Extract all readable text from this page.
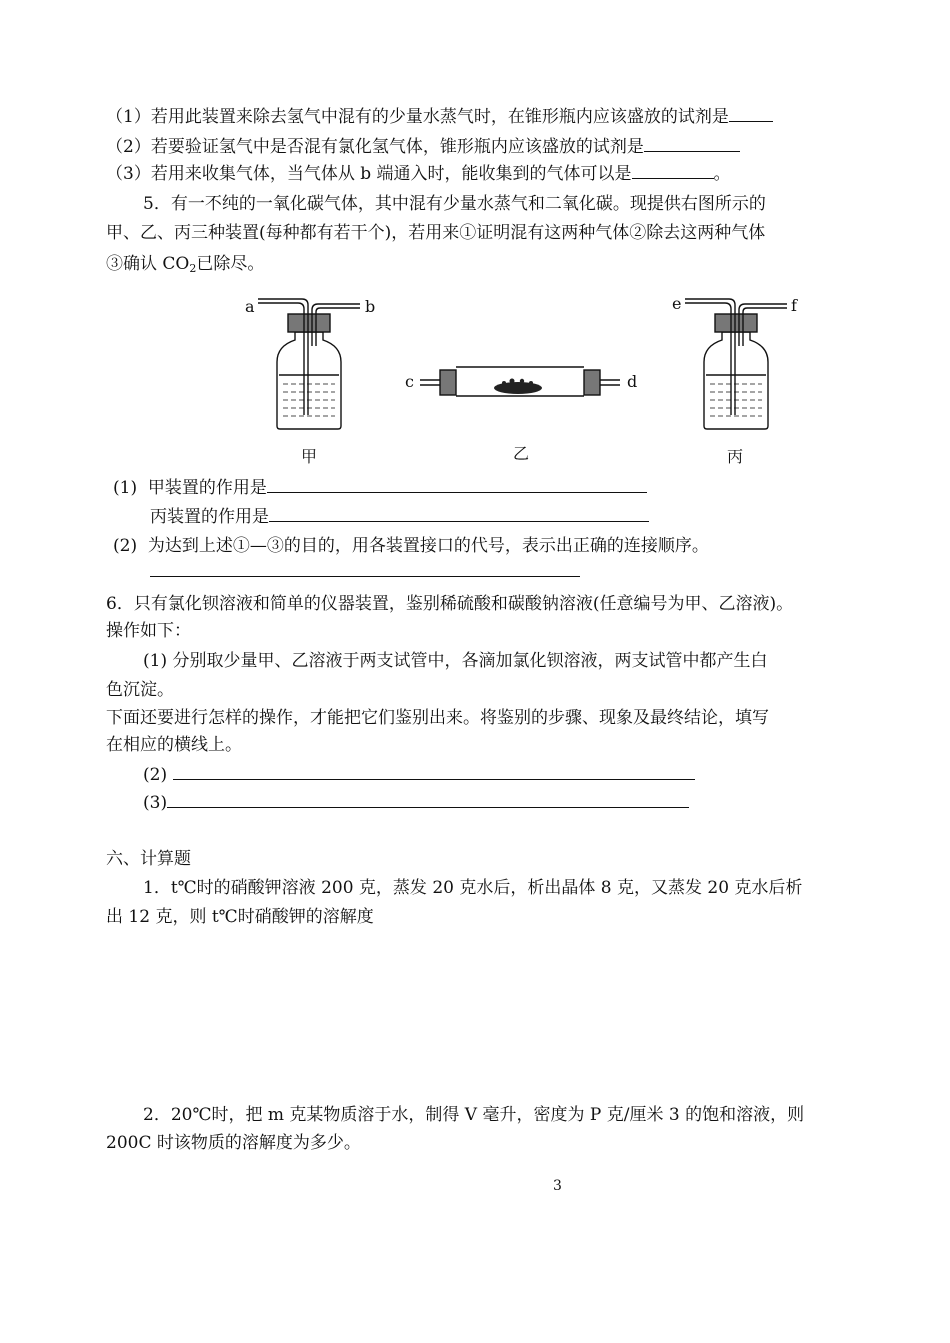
（1）若用此装置来除去氢气中混有的少量水蒸气时，在锥形瓶内应该盛放的试剂是
（2）若要验证氢气中是否混有氯化氢气体，锥形瓶内应该盛放的试剂是
（3）若用来收集气体，当气体从 b 端通入时，能收集到的气体可以是	。
5．有一不纯的一氧化碳气体，其中混有少量水蒸气和二氧化碳。现提供右图所示的
甲、乙、丙三种装置(每种都有若干个)，若用来①证明混有这两种气体②除去这两种气体
③确认 $CO_2$已除尽。
a	b
c	d
e	f
甲	乙	丙
(1) 甲装置的作用是
丙装置的作用是
(2) 为达到上述①—③的目的，用各装置接口的代号，表示出正确的连接顺序。
6．只有氯化钡溶液和简单的仪器装置，鉴别稀硫酸和碳酸钠溶液(任意编号为甲、乙溶液)。
操作如下：
(1) 分别取少量甲、乙溶液于两支试管中，各滴加氯化钡溶液，两支试管中都产生白
色沉淀。
下面还要进行怎样的操作，才能把它们鉴别出来。将鉴别的步骤、现象及最终结论，填写
在相应的横线上。
(2)
(3)
六、计算题
1．t℃时的硝酸钾溶液 200 克，蒸发 20 克水后，析出晶体 8 克，又蒸发 20 克水后析
出 12 克，则 t℃时硝酸钾的溶解度
2．20℃时，把 m 克某物质溶于水，制得 V 毫升，密度为 P 克/厘米 3 的饱和溶液，则
200C 时该物质的溶解度为多少。
3
